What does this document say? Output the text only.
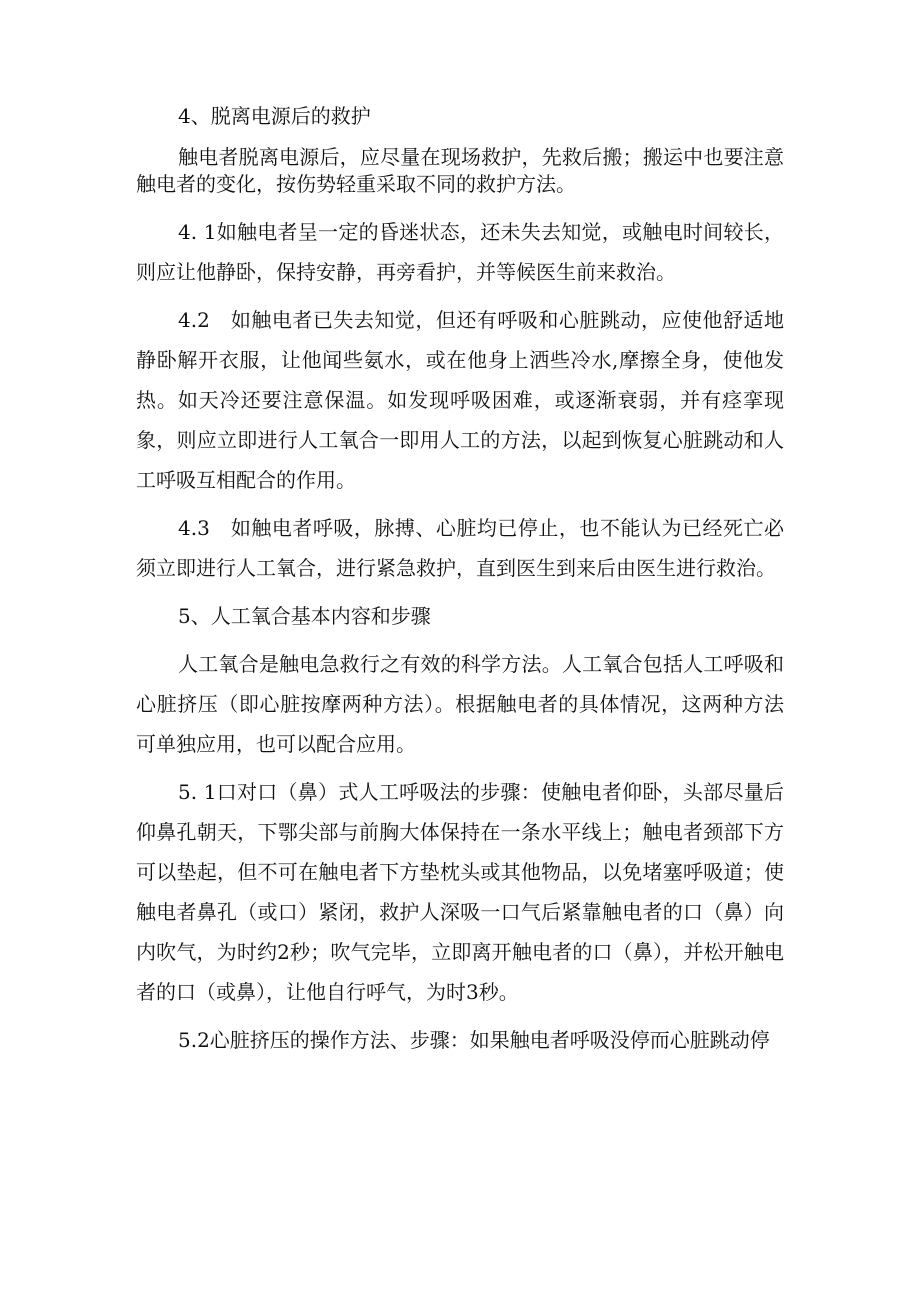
4、脱离电源后的救护

触电者脱离电源后，应尽量在现场救护，先救后搬；搬运中也要注意触电者的变化，按伤势轻重采取不同的救护方法。

4. 1如触电者呈一定的昏迷状态，还未失去知觉，或触电时间较长，则应让他静卧，保持安静，再旁看护，并等候医生前来救治。

4.2　如触电者已失去知觉，但还有呼吸和心脏跳动，应使他舒适地静卧解开衣服，让他闻些氨水，或在他身上洒些冷水,摩擦全身，使他发热。如天冷还要注意保温。如发现呼吸困难，或逐渐衰弱，并有痉挛现象，则应立即进行人工氧合一即用人工的方法，以起到恢复心脏跳动和人工呼吸互相配合的作用。

4.3　如触电者呼吸，脉搏、心脏均已停止，也不能认为已经死亡必须立即进行人工氧合，进行紧急救护，直到医生到来后由医生进行救治。

5、人工氧合基本内容和步骤

人工氧合是触电急救行之有效的科学方法。人工氧合包括人工呼吸和心脏挤压（即心脏按摩两种方法）。根据触电者的具体情况，这两种方法可单独应用，也可以配合应用。

5. 1口对口（鼻）式人工呼吸法的步骤：使触电者仰卧，头部尽量后仰鼻孔朝天，下鄂尖部与前胸大体保持在一条水平线上；触电者颈部下方可以垫起，但不可在触电者下方垫枕头或其他物品，以免堵塞呼吸道；使触电者鼻孔（或口）紧闭，救护人深吸一口气后紧靠触电者的口（鼻）向内吹气，为时约2秒；吹气完毕，立即离开触电者的口（鼻），并松开触电者的口（或鼻），让他自行呼气，为时3秒。

5.2心脏挤压的操作方法、步骤：如果触电者呼吸没停而心脏跳动停
